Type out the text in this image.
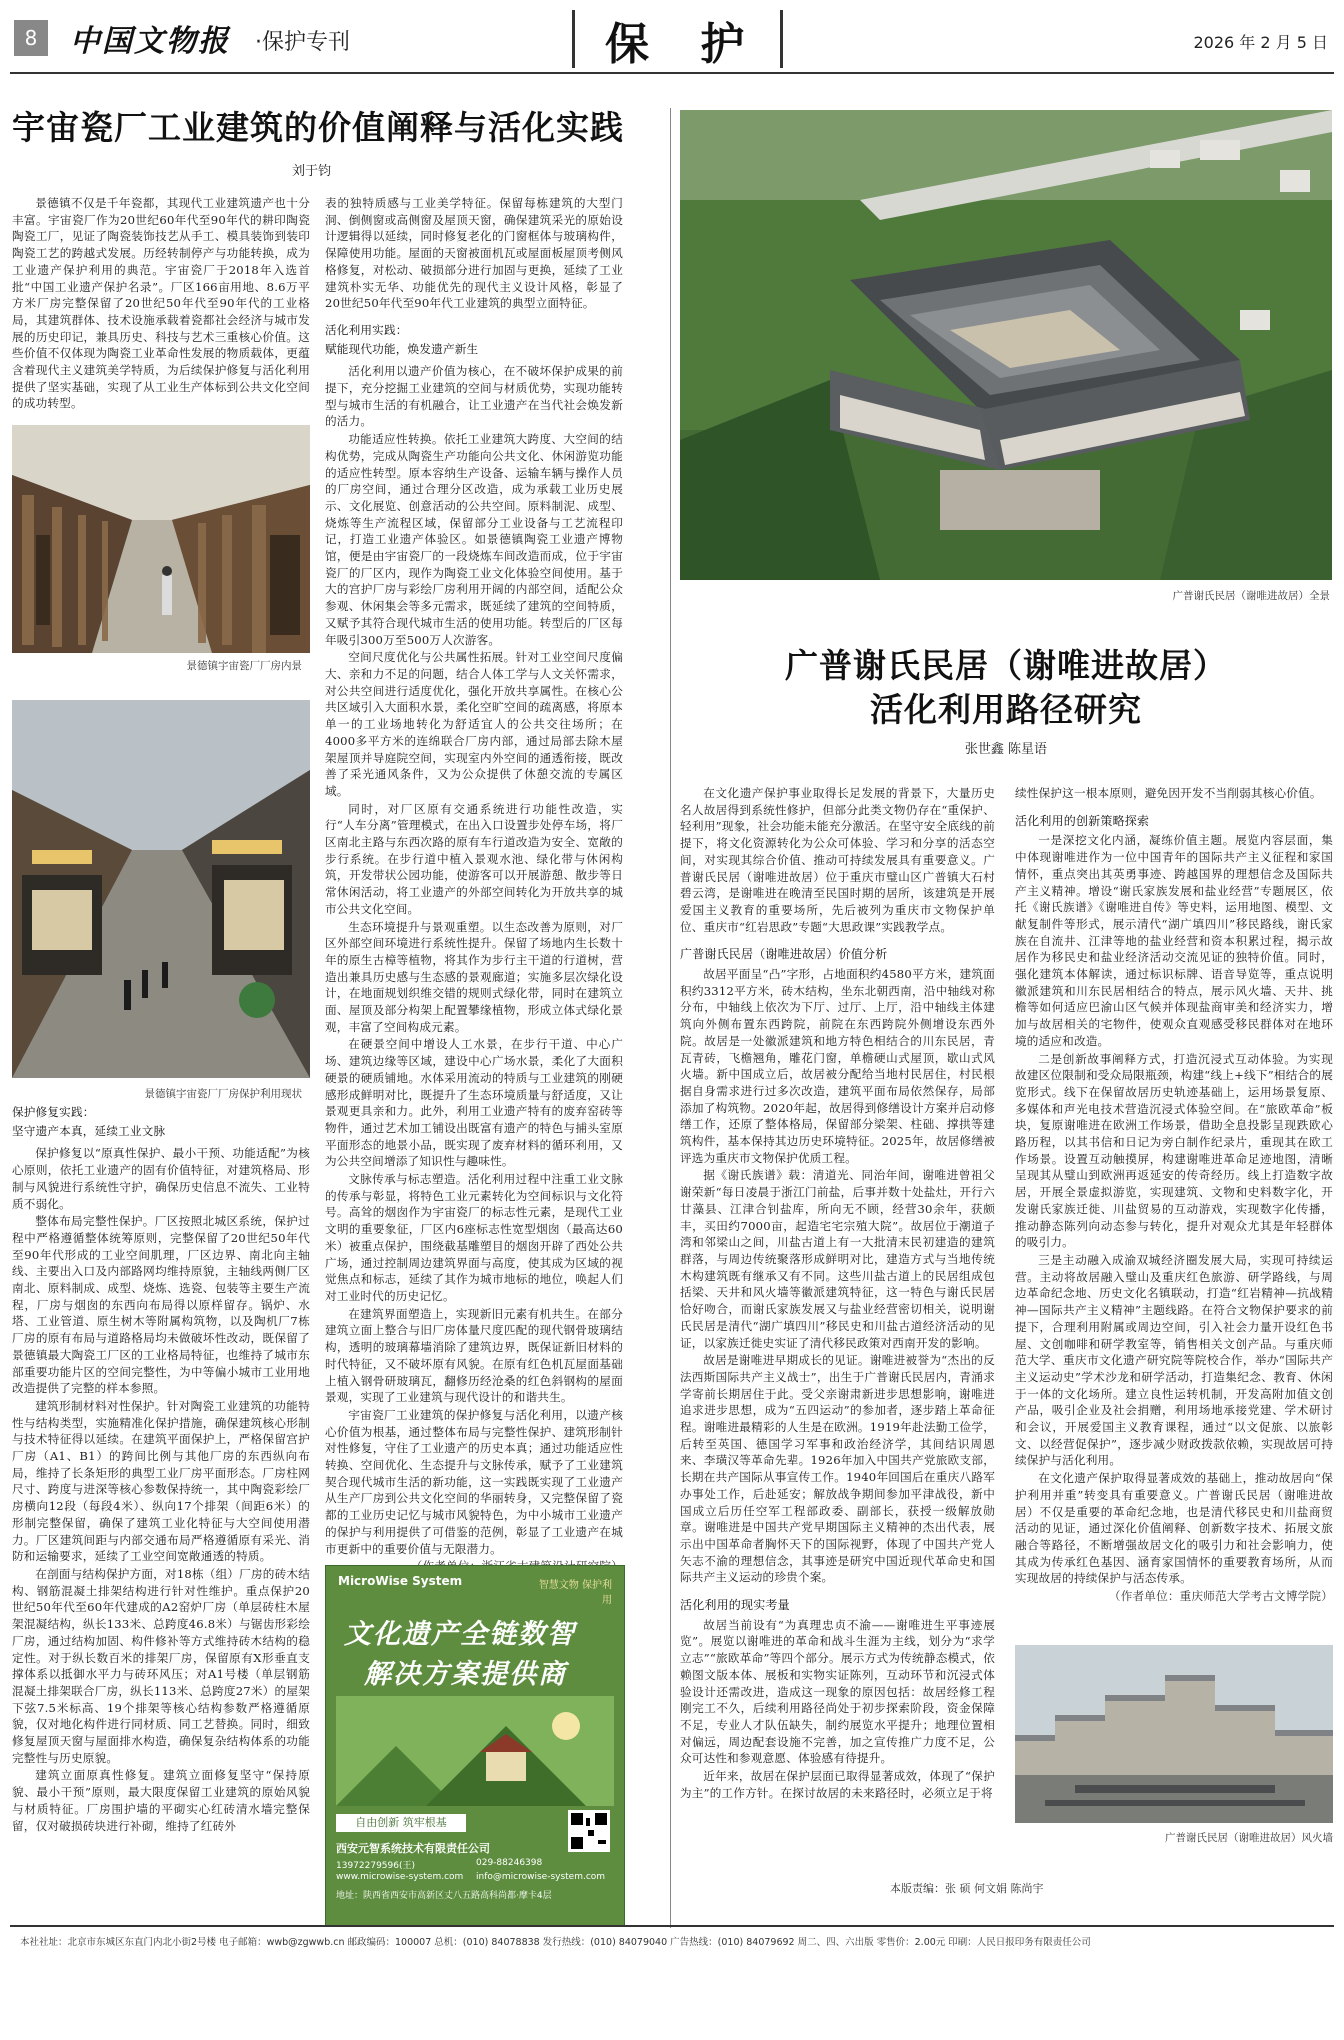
8	中国文物报 ·保护专刊	保 护	2026 年 2 月 5 日
宇宙瓷厂工业建筑的价值阐释与活化实践
刘于钧

景德镇不仅是千年瓷都，其现代工业建筑遗产也十分丰富。宇宙瓷厂作为20世纪60年代至90年代的耕印陶瓷陶瓷工厂，见证了陶瓷装饰技艺从手工、模具装饰到装印陶瓷工艺的跨越式发展。历经转制停产与功能转换，成为工业遗产保护利用的典范。宇宙瓷厂于2018年入选首批“中国工业遗产保护名录”。厂区166亩用地、8.6万平方米厂房完整保留了20世纪50年代至90年代的工业格局，其建筑群体、技术设施承载着瓷都社会经济与城市发展的历史印记，兼具历史、科技与艺术三重核心价值。这些价值不仅体现为陶瓷工业革命性发展的物质载体，更蕴含着现代主义建筑美学特质，为后续保护修复与活化利用提供了坚实基础，实现了从工业生产体标到公共文化空间的成功转型。

景德镇宇宙瓷厂厂房内景
景德镇宇宙瓷厂厂房保护利用现状
保护修复实践：
坚守遗产本真，延续工业文脉

保护修复以“原真性保护、最小干预、功能适配”为核心原则，依托工业遗产的固有价值特征，对建筑格局、形制与风貌进行系统性守护，确保历史信息不流失、工业特质不弱化。

整体布局完整性保护。厂区按照北城区系统，保护过程中严格遵循整体统筹原则，完整保留了20世纪50年代至90年代形成的工业空间肌理，厂区边界、南北向主轴线、主要出入口及内部路网均维持原貌，主轴线两侧厂区南北、原料制成、成型、烧炼、选瓷、包装等主要生产流程，厂房与烟囱的东西向布局得以原样留存。锅炉、水塔、工业管道、原生树木等附属构筑物，以及陶机厂7栋厂房的原有布局与道路格局均未做破坏性改动，既保留了景德镇最大陶瓷工厂区的工业格局特征，也维持了城市东部重要功能片区的空间完整性，为中等偏小城市工业用地改造提供了完整的样本参照。

建筑形制材料对性保护。针对陶瓷工业建筑的功能特性与结构类型，实施精准化保护措施，确保建筑核心形制与技术特征得以延续。在建筑平面保护上，严格保留宫护厂房（A1、B1）的跨间比例与其他厂房的东西纵向布局，维持了长条矩形的典型工业厂房平面形态。厂房柱网尺寸、跨度与进深等核心参数保持统一，其中陶瓷彩绘厂房横向12段（每段4米）、纵向17个排架（间距6米）的形制完整保留，确保了建筑工业化特征与大空间使用潜力。厂区建筑间距与内部交通布局严格遵循原有采光、消防和运输要求，延续了工业空间宽敞通透的特质。

在剖面与结构保护方面，对18栋（组）厂房的砖木结构、钢筋混凝土排架结构进行针对性维护。重点保护20世纪50年代至60年代建成的A2窑炉厂房（单层砖柱木屋架混凝结构，纵长133米、总跨度46.8米）与锯齿形彩绘厂房，通过结构加固、构件修补等方式维持砖木结构的稳定性。对于纵长数百米的排架厂房，保留原有X形垂直支撑体系以抵御水平力与砖环风压；对A1号楼（单层钢筋混凝土排架联合厂房，纵长113米、总跨度27米）的屋架下弦7.5米标高、19个排架等核心结构参数严格遵循原貌，仅对地化构件进行同材质、同工艺替换。同时，细致修复屋顶天窗与屋面排水构造，确保复杂结构体系的功能完整性与历史原貌。

建筑立面原真性修复。建筑立面修复坚守“保持原貌、最小干预”原则，最大限度保留工业建筑的原始风貌与材质特征。厂房围护墙的平砌实心红砖清水墙完整保留，仅对破损砖块进行补砌，维持了红砖外

表的独特质感与工业美学特征。保留每栋建筑的大型门洞、倒侧窗或高侧窗及屋顶天窗，确保建筑采光的原始设计逻辑得以延续，同时修复老化的门窗框体与玻璃构件，保障使用功能。屋面的天窗被面机瓦或屋面板屋顶考侧风格修复，对松动、破损部分进行加固与更换，延续了工业建筑朴实无华、功能优先的现代主义设计风格，彰显了20世纪50年代至90年代工业建筑的典型立面特征。

活化利用实践：
赋能现代功能，焕发遗产新生

活化利用以遗产价值为核心，在不破坏保护成果的前提下，充分挖掘工业建筑的空间与材质优势，实现功能转型与城市生活的有机融合，让工业遗产在当代社会焕发新的活力。

功能适应性转换。依托工业建筑大跨度、大空间的结构优势，完成从陶瓷生产功能向公共文化、休闲游览功能的适应性转型。原本容纳生产设备、运输车辆与操作人员的厂房空间，通过合理分区改造，成为承载工业历史展示、文化展览、创意活动的公共空间。原料制泥、成型、烧炼等生产流程区域，保留部分工业设备与工艺流程印记，打造工业遗产体验区。如景德镇陶瓷工业遗产博物馆，便是由宇宙瓷厂的一段烧炼车间改造而成，位于宇宙瓷厂的厂区内，现作为陶瓷工业文化体验空间使用。基于大的宫护厂房与彩绘厂房利用开阔的内部空间，适配公众参观、休闲集会等多元需求，既延续了建筑的空间特质，又赋予其符合现代城市生活的使用功能。转型后的厂区每年吸引300万至500万人次游客。

空间尺度优化与公共属性拓展。针对工业空间尺度偏大、亲和力不足的问题，结合人体工学与人文关怀需求，对公共空间进行适度优化，强化开放共享属性。在核心公共区域引入大面积水景，柔化空旷空间的疏离感，将原本单一的工业场地转化为舒适宜人的公共交往场所；在4000多平方米的连绵联合厂房内部，通过局部去除木屋架屋顶并导庭院空间，实现室内外空间的通透衔接，既改善了采光通风条件，又为公众提供了休憩交流的专属区域。

同时，对厂区原有交通系统进行功能性改造，实行“人车分离”管理模式，在出入口设置步处停车场，将厂区南北主路与东西次路的原有车行道改造为安全、宽敞的步行系统。在步行道中植入景观水池、绿化带与休闲构筑，开发带状公园功能，使游客可以开展游憩、散步等日常休闲活动，将工业遗产的外部空间转化为开放共享的城市公共文化空间。

生态环境提升与景观重塑。以生态改善为原则，对厂区外部空间环境进行系统性提升。保留了场地内生长数十年的原生古樟等植物，将其作为步行主干道的行道树，营造出兼具历史感与生态感的景观廊道；实施多层次绿化设计，在地面规划织维交错的规则式绿化带，同时在建筑立面、屋顶及部分构架上配置攀缘植物，形成立体式绿化景观，丰富了空间构成元素。

在硬景空间中增设人工水景，在步行干道、中心广场、建筑边缘等区域，建设中心广场水景，柔化了大面积硬景的硬质铺地。水体采用流动的特质与工业建筑的刚硬感形成鲜明对比，既提升了生态环境质量与舒适度，又让景观更具亲和力。此外，利用工业遗产特有的废弃窑砖等物件，通过艺术加工铺设出既富有遗产的特色与捕头室原平面形态的地景小品，既实现了废弃材料的循环利用，又为公共空间增添了知识性与趣味性。

文脉传承与标志塑造。活化利用过程中注重工业文脉的传承与彰显，将特色工业元素转化为空间标识与文化符号。高耸的烟囱作为宇宙瓷厂的标志性元素，是现代工业文明的重要象征，厂区内6座标志性宽型烟囱（最高达60米）被重点保护，围绕截基雕塑目的烟囱开辟了西处公共广场，通过控制周边建筑界面与高度，使其成为区域的视觉焦点和标志，延续了其作为城市地标的地位，唤起人们对工业时代的历史记忆。

在建筑界面塑造上，实现新旧元素有机共生。在部分建筑立面上整合与旧厂房体量尺度匹配的现代钢骨玻璃结构，透明的玻璃幕墙消除了建筑边界，既保证新旧材料的时代特征，又不破坏原有风貌。在原有红色机瓦屋面基础上植入钢骨研玻璃瓦，翻修历经沧桑的红色斜钢构的屋面景观，实现了工业建筑与现代设计的和谐共生。

宇宙瓷厂工业建筑的保护修复与活化利用，以遗产核心价值为根基，通过整体布局与完整性保护、建筑形制针对性修复，守住了工业遗产的历史本真；通过功能适应性转换、空间优化、生态提升与文脉传承，赋予了工业建筑契合现代城市生活的新功能，这一实践既实现了工业遗产从生产厂房到公共文化空间的华丽转身，又完整保留了瓷都的工业历史记忆与城市风貌特色，为中小城市工业遗产的保护与利用提供了可借鉴的范例，彰显了工业遗产在城市更新中的重要价值与无限潜力。

MicroWise System	智慧文物 保护利用
文化遗产全链数智
解决方案提供商
自由创新 筑牢根基
西安元智系统技术有限责任公司
13972279596(王)	029-88246398
www.microwise-system.com info@microwise-system.com
地址：陕西省西安市高新区丈八五路高科尚都·摩卡4层
广普谢氏民居（谢唯进故居）全景
广普谢氏民居（谢唯进故居）
活化利用路径研究
张世鑫 陈星语

在文化遗产保护事业取得长足发展的背景下，大量历史名人故居得到系统性修护，但部分此类文物仍存在“重保护、轻利用”现象，社会功能未能充分激活。在坚守安全底线的前提下，将文化资源转化为公众可体验、学习和分享的活态空间，对实现其综合价值、推动可持续发展具有重要意义。广普谢氏民居（谢唯进故居）位于重庆市璧山区广普镇大石村碧云湾，是谢唯进在晚清至民国时期的居所，该建筑是开展爱国主义教育的重要场所，先后被列为重庆市文物保护单位、重庆市“红岩思政”专题“大思政课”实践教学点。

广普谢氏民居（谢唯进故居）价值分析

故居平面呈“凸”字形，占地面积约4580平方米，建筑面积约3312平方米，砖木结构，坐东北朝西南，沿中轴线对称分布，中轴线上依次为下厅、过厅、上厅，沿中轴线主体建筑向外侧布置东西跨院，前院在东西跨院外侧增设东西外院。故居是一处徽派建筑和地方特色相结合的川东民居，青瓦青砖，飞檐翘角，雕花门窗，单檐硬山式屋顶，歇山式风火墙。新中国成立后，故居被分配给当地村民居住，村民根据自身需求进行过多次改造，建筑平面布局依然保存，局部添加了构筑物。2020年起，故居得到修缮设计方案并启动修缮工作，还原了整体格局，保留部分梁架、柱础、撑拱等建筑构件，基本保持其边历史环境特征。2025年，故居修缮被评选为重庆市文物保护优质工程。

据《谢氏族谱》载：清道光、同治年间，谢唯进曾祖父谢荣新“每日凌晨于浙江门前盐，后事并数十处盐灶，开行六廿藻县、江津合钊盐库，所向无不顾，经营30余年，获颇丰，买田约7000亩，起造宅宅宗殖大院”。故居位于潮道子湾和邻梁山之间，川盐古道上有一大批清末民初建造的建筑群落，与周边传统聚落形成鲜明对比，建造方式与当地传统木构建筑既有继承又有不同。这些川盐古道上的民居组成包括梁、天井和风火墙等徽派建筑特征，这一特色与谢氏民居恰好吻合，而谢氏家族发展又与盐业经营密切相关，说明谢氏民居是清代“湖广填四川”移民史和川盐古道经济活动的见证，以家族迁徙史实证了清代移民政策对西南开发的影响。

故居是谢唯进早期成长的见证。谢唯进被誉为“杰出的反法西斯国际共产主义战士”，出生于广普谢氏民居内，青涌求学寄前长期居住于此。受父亲谢肃新进步思想影响，谢唯进追求进步思想，成为“五四运动”的参加者，逐步踏上革命征程。谢唯进最精彩的人生是在欧洲。1919年赴法勤工俭学，后转至英国、德国学习军事和政治经济学，其间结识周恩来、李璜汉等革命先辈。1926年加入中国共产党旅欧支部，长期在共产国际从事宣传工作。1940年回国后在重庆八路军办事处工作，后赴延安；解放战争期间参加平津战役，新中国成立后历任空军工程部政委、副部长，获授一级解放勋章。谢唯进是中国共产党早期国际主义精神的杰出代表，展示出中国革命者胸怀天下的国际视野，体现了中国共产党人矢志不渝的理想信念，其事迹是研究中国近现代革命史和国际共产主义运动的珍贵个案。

活化利用的现实考量

故居当前设有“为真理忠贞不渝——谢唯进生平事迹展览”。展览以谢唯进的革命和战斗生涯为主线，划分为“求学立志”“旅欧革命”等四个部分。展示方式为传统静态模式，依赖图文版本体、展板和实物实证陈列，互动环节和沉浸式体验设计还需改进，造成这一现象的原因包括：故居经修工程刚完工不久，后续利用路径尚处于初步探索阶段，资金保障不足，专业人才队伍缺失，制约展览水平提升；地理位置相对偏远，周边配套设施不完善，加之宣传推广力度不足，公众可达性和参观意愿、体验感有待提升。

近年来，故居在保护层面已取得显著成效，体现了“保护为主”的工作方针。在探讨故居的未来路径时，必须立足于将

续性保护这一根本原则，避免因开发不当削弱其核心价值。

活化利用的创新策略探索

一是深挖文化内涵，凝练价值主题。展览内容层面，集中体现谢唯进作为一位中国青年的国际共产主义征程和家国情怀，重点突出其英勇事迹、跨越国界的理想信念及国际共产主义精神。增设“谢氏家族发展和盐业经营”专题展区，依托《谢氏族谱》《谢唯进自传》等史料，运用地图、模型、文献复制件等形式，展示清代“湖广填四川”移民路线，谢氏家族在自流井、江津等地的盐业经营和资本积累过程，揭示故居作为移民史和盐业经济活动交流见证的独特价值。同时，强化建筑本体解读，通过标识标牌、语音导览等，重点说明徽派建筑和川东民居相结合的特点，展示风火墙、天井、挑檐等如何适应巴渝山区气候并体现盐商审美和经济实力，增加与故居相关的宅物件，使观众直观感受移民群体对在地环境的适应和改造。

二是创新故事阐释方式，打造沉浸式互动体验。为实现故建区位限制和受众局限瓶颈，构建“线上+线下”相结合的展览形式。线下在保留故居历史轨迹基础上，运用场景复原、多媒体和声光电技术营造沉浸式体验空间。在“旅欧革命”板块，复原谢唯进在欧洲工作场景，借助全息投影呈现跌欧心路历程，以其书信和日记为旁白制作纪录片，重现其在欧工作场景。设置互动触摸屏，构建谢唯进革命足迹地图，清晰呈现其从璧山到欧洲再返延安的传奇经历。线上打造数字故居，开展全景虚拟游览，实现建筑、文物和史料数字化，开发谢氏家族迁徙、川盐贸易的互动游戏，实现数字化传播，推动静态陈列向动态参与转化，提升对观众尤其是年轻群体的吸引力。

三是主动融入成渝双城经济圈发展大局，实现可持续运营。主动将故居融入璧山及重庆红色旅游、研学路线，与周边革命纪念地、历史文化名镇联动，打造“红岩精神—抗战精神—国际共产主义精神”主题线路。在符合文物保护要求的前提下，合理利用附属或周边空间，引入社会力量开设红色书屋、文创咖啡和研学教室等，销售相关文创产品。与重庆师范大学、重庆市文化遗产研究院等院校合作，举办“国际共产主义运动史”学术沙龙和研学活动，打造集纪念、教育、休闲于一体的文化场所。建立良性运转机制，开发高附加值文创产品，吸引企业及社会捐赠，利用场地承接党建、学术研讨和会议，开展爱国主义教育课程，通过“以文促旅、以旅彰文、以经营促保护”，逐步减少财政拨款依赖，实现故居可持续保护与活化利用。

在文化遗产保护取得显著成效的基础上，推动故居向“保护利用并重”转变具有重要意义。广普谢氏民居（谢唯进故居）不仅是重要的革命纪念地，也是清代移民史和川盐商贸活动的见证，通过深化价值阐释、创新数字技术、拓展文旅融合等路径，不断增强故居文化的吸引力和社会影响力，使其成为传承红色基因、涵育家国情怀的重要教育场所，从而实现故居的持续保护与活态传承。

（作者单位：重庆师范大学考古文博学院）
广普谢氏民居（谢唯进故居）风火墙
本版责编：张 硕 何文娟 陈尚宇
本社社址：北京市东城区东直门内北小街2号楼 电子邮箱：wwb@zgwwb.cn 邮政编码：100007 总机：(010) 84078838 发行热线：(010) 84079040 广告热线：(010) 84079692 周二、四、六出版 零售价：2.00元 印刷：人民日报印务有限责任公司
